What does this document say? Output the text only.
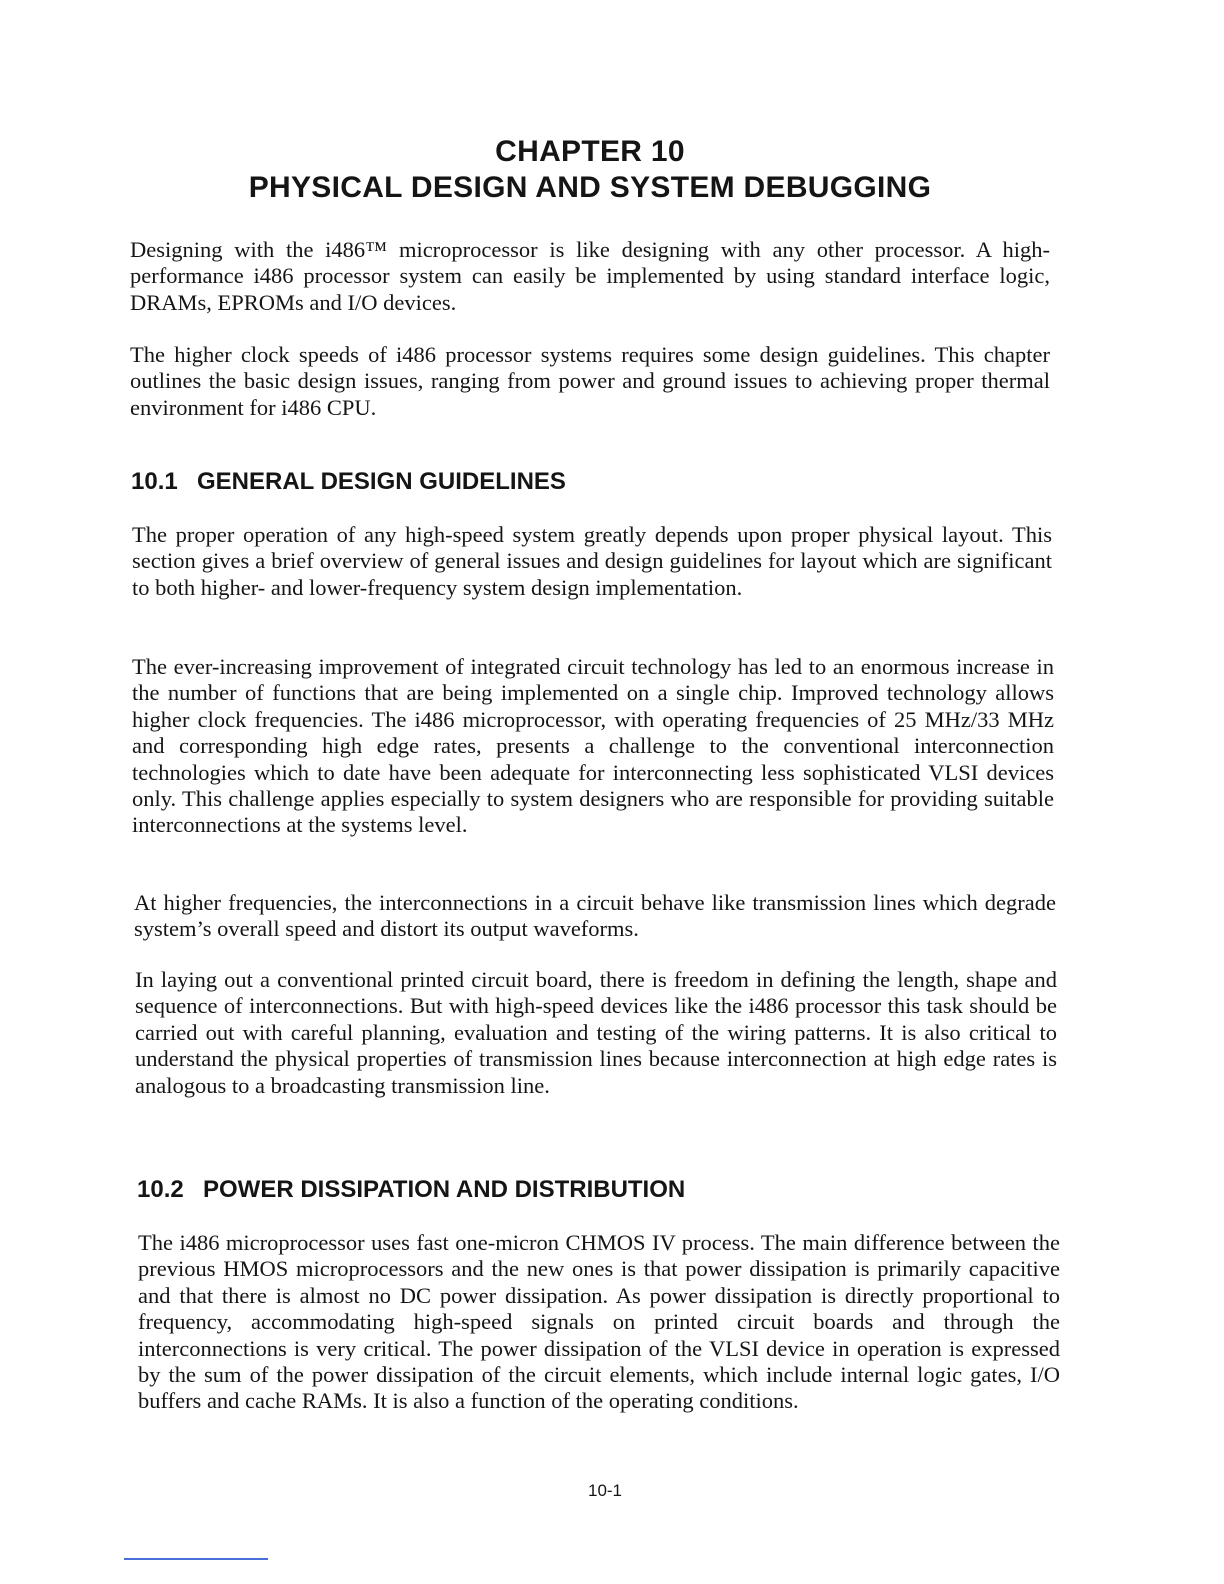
CHAPTER 10
PHYSICAL DESIGN AND SYSTEM DEBUGGING

Designing with the i486™ microprocessor is like designing with any other processor. A high-performance i486 processor system can easily be implemented by using standard interface logic, DRAMs, EPROMs and I/O devices.

The higher clock speeds of i486 processor systems requires some design guidelines. This chapter outlines the basic design issues, ranging from power and ground issues to achieving proper thermal environment for i486 CPU.

10.1 GENERAL DESIGN GUIDELINES

The proper operation of any high-speed system greatly depends upon proper physical layout. This section gives a brief overview of general issues and design guidelines for layout which are significant to both higher- and lower-frequency system design implementation.

The ever-increasing improvement of integrated circuit technology has led to an enormous increase in the number of functions that are being implemented on a single chip. Improved technology allows higher clock frequencies. The i486 microprocessor, with operating frequencies of 25 MHz/33 MHz and corresponding high edge rates, presents a challenge to the conventional interconnection technologies which to date have been adequate for interconnecting less sophisticated VLSI devices only. This challenge applies especially to system designers who are responsible for providing suitable interconnections at the systems level.

At higher frequencies, the interconnections in a circuit behave like transmission lines which degrade system’s overall speed and distort its output waveforms.

In laying out a conventional printed circuit board, there is freedom in defining the length, shape and sequence of interconnections. But with high-speed devices like the i486 processor this task should be carried out with careful planning, evaluation and testing of the wiring patterns. It is also critical to understand the physical properties of transmission lines because interconnection at high edge rates is analogous to a broadcasting transmission line.

10.2 POWER DISSIPATION AND DISTRIBUTION

The i486 microprocessor uses fast one-micron CHMOS IV process. The main difference between the previous HMOS microprocessors and the new ones is that power dissipation is primarily capacitive and that there is almost no DC power dissipation. As power dissipation is directly proportional to frequency, accommodating high-speed signals on printed circuit boards and through the interconnections is very critical. The power dissipation of the VLSI device in operation is expressed by the sum of the power dissipation of the circuit elements, which include internal logic gates, I/O buffers and cache RAMs. It is also a function of the operating conditions.

10-1
